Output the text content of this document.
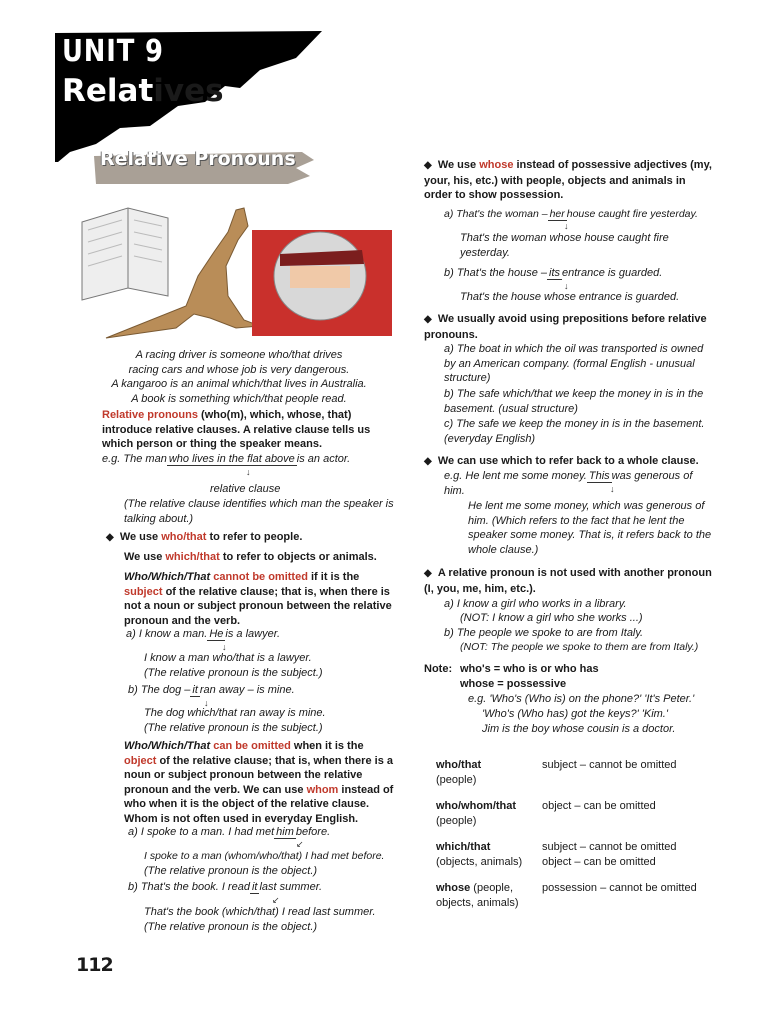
UNIT 9
Relatives
Relative Pronouns
A racing driver is someone who/that drives
racing cars and whose job is very dangerous.
A kangaroo is an animal which/that lives in Australia.
A book is something which/that people read.
Relative pronouns (who(m), which, whose, that) introduce relative clauses. A relative clause tells us which person or thing the speaker means.
e.g. The man who lives in the flat above is an actor.
↓
relative clause
(The relative clause identifies which man the speaker is talking about.)
◆ We use who/that to refer to people.
We use which/that to refer to objects or animals.
Who/Which/That cannot be omitted if it is the subject of the relative clause; that is, when there is not a noun or subject pronoun between the relative pronoun and the verb.
a) I know a man. He is a lawyer.
↓
I know a man who/that is a lawyer.
(The relative pronoun is the subject.)
b) The dog – it ran away – is mine.
↓
The dog which/that ran away is mine.
(The relative pronoun is the subject.)
Who/Which/That can be omitted when it is the object of the relative clause; that is, when there is a noun or subject pronoun between the relative pronoun and the verb. We can use whom instead of who when it is the object of the relative clause. Whom is not often used in everyday English.
a) I spoke to a man. I had met him before.
↙
I spoke to a man (whom/who/that) I had met before.
(The relative pronoun is the object.)
b) That's the book. I read it last summer.
↙
That's the book (which/that) I read last summer.
(The relative pronoun is the object.)
◆ We use whose instead of possessive adjectives (my, your, his, etc.) with people, objects and animals in order to show possession.
a) That's the woman – her house caught fire yesterday.
↓
That's the woman whose house caught fire yesterday.
b) That's the house – its entrance is guarded.
↓
That's the house whose entrance is guarded.
◆ We usually avoid using prepositions before relative pronouns.
a) The boat in which the oil was transported is owned by an American company. (formal English - unusual structure)
b) The safe which/that we keep the money in is in the basement. (usual structure)
c) The safe we keep the money in is in the basement. (everyday English)
◆ We can use which to refer back to a whole clause.
e.g. He lent me some money. This was generous of him.	↓
He lent me some money, which was generous of him. (Which refers to the fact that he lent the speaker some money. That is, it refers back to the whole clause.)
◆ A relative pronoun is not used with another pronoun (I, you, me, him, etc.).
a) I know a girl who works in a library.
(NOT: I know a girl who she works ...)
b) The people we spoke to are from Italy.
(NOT: The people we spoke to them are from Italy.)
Note: who's = who is or who has
whose = possessive
e.g. 'Who's (Who is) on the phone?' 'It's Peter.'
'Who's (Who has) got the keys?' 'Kim.'
Jim is the boy whose cousin is a doctor.
who/that
(people)	subject – cannot be omitted
who/whom/that
(people)	object – can be omitted
which/that
(objects, animals)	subject – cannot be omitted
object – can be omitted
whose (people,
objects, animals)	possession – cannot be omitted
112
